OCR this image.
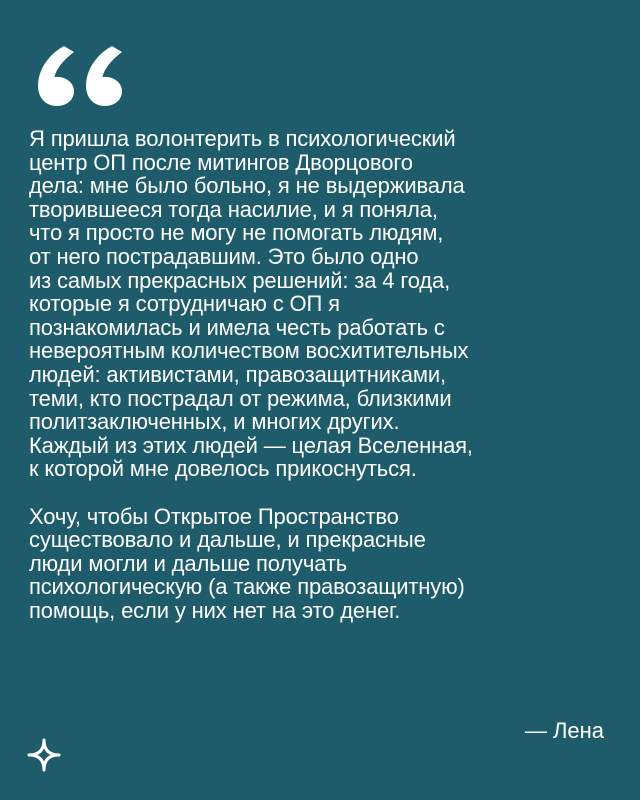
Я пришла волонтерить в психологический
центр ОП после митингов Дворцового
дела: мне было больно, я не выдерживала
творившееся тогда насилие, и я поняла,
что я просто не могу не помогать людям,
от него пострадавшим. Это было одно
из самых прекрасных решений: за 4 года,
которые я сотрудничаю с ОП я
познакомилась и имела честь работать с
невероятным количеством восхитительных
людей: активистами, правозащитниками,
теми, кто пострадал от режима, близкими
политзаключенных, и многих других.
Каждый из этих людей — целая Вселенная,
к которой мне довелось прикоснуться.

Хочу, чтобы Открытое Пространство
существовало и дальше, и прекрасные
люди могли и дальше получать
психологическую (а также правозащитную)
помощь, если у них нет на это денег.

— Лена
